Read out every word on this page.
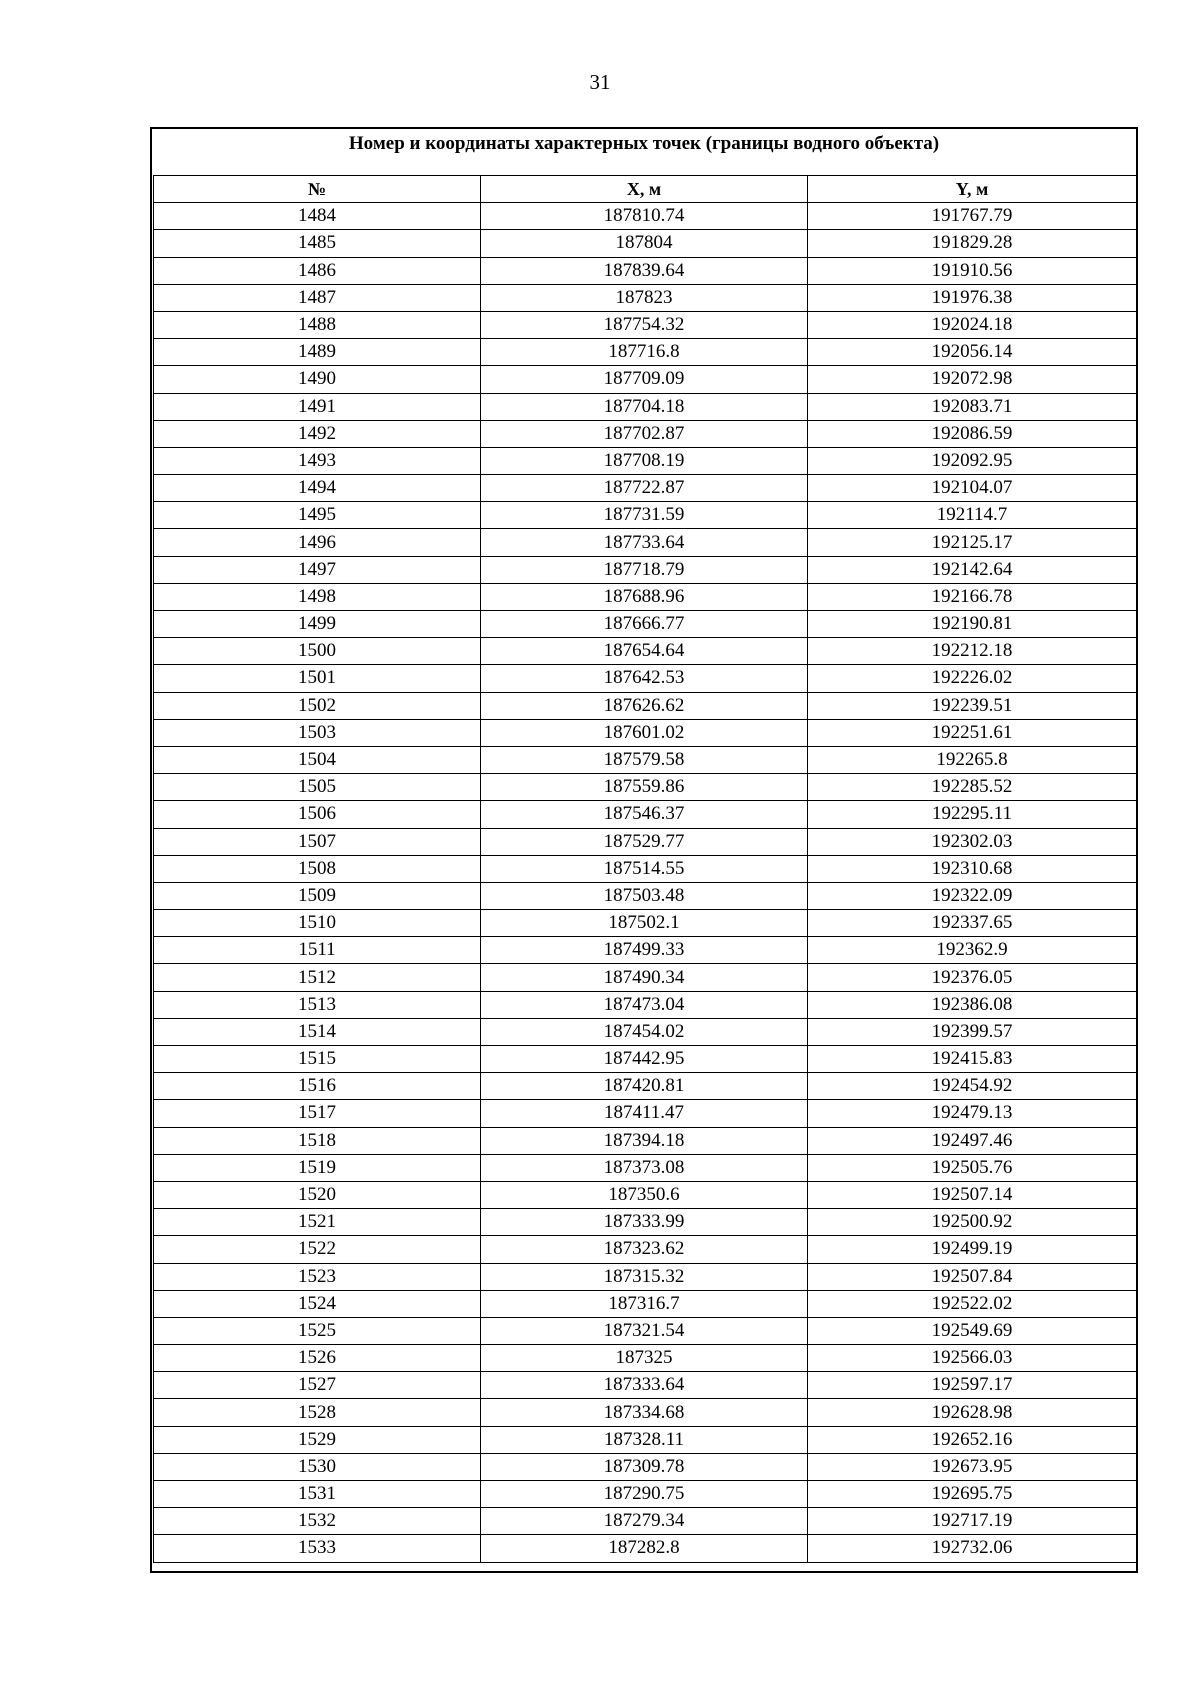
31
Номер и координаты характерных точек (границы водного объекта)
№	X, м	Y, м
1484	187810.74	191767.79
1485	187804	191829.28
1486	187839.64	191910.56
1487	187823	191976.38
1488	187754.32	192024.18
1489	187716.8	192056.14
1490	187709.09	192072.98
1491	187704.18	192083.71
1492	187702.87	192086.59
1493	187708.19	192092.95
1494	187722.87	192104.07
1495	187731.59	192114.7
1496	187733.64	192125.17
1497	187718.79	192142.64
1498	187688.96	192166.78
1499	187666.77	192190.81
1500	187654.64	192212.18
1501	187642.53	192226.02
1502	187626.62	192239.51
1503	187601.02	192251.61
1504	187579.58	192265.8
1505	187559.86	192285.52
1506	187546.37	192295.11
1507	187529.77	192302.03
1508	187514.55	192310.68
1509	187503.48	192322.09
1510	187502.1	192337.65
1511	187499.33	192362.9
1512	187490.34	192376.05
1513	187473.04	192386.08
1514	187454.02	192399.57
1515	187442.95	192415.83
1516	187420.81	192454.92
1517	187411.47	192479.13
1518	187394.18	192497.46
1519	187373.08	192505.76
1520	187350.6	192507.14
1521	187333.99	192500.92
1522	187323.62	192499.19
1523	187315.32	192507.84
1524	187316.7	192522.02
1525	187321.54	192549.69
1526	187325	192566.03
1527	187333.64	192597.17
1528	187334.68	192628.98
1529	187328.11	192652.16
1530	187309.78	192673.95
1531	187290.75	192695.75
1532	187279.34	192717.19
1533	187282.8	192732.06
